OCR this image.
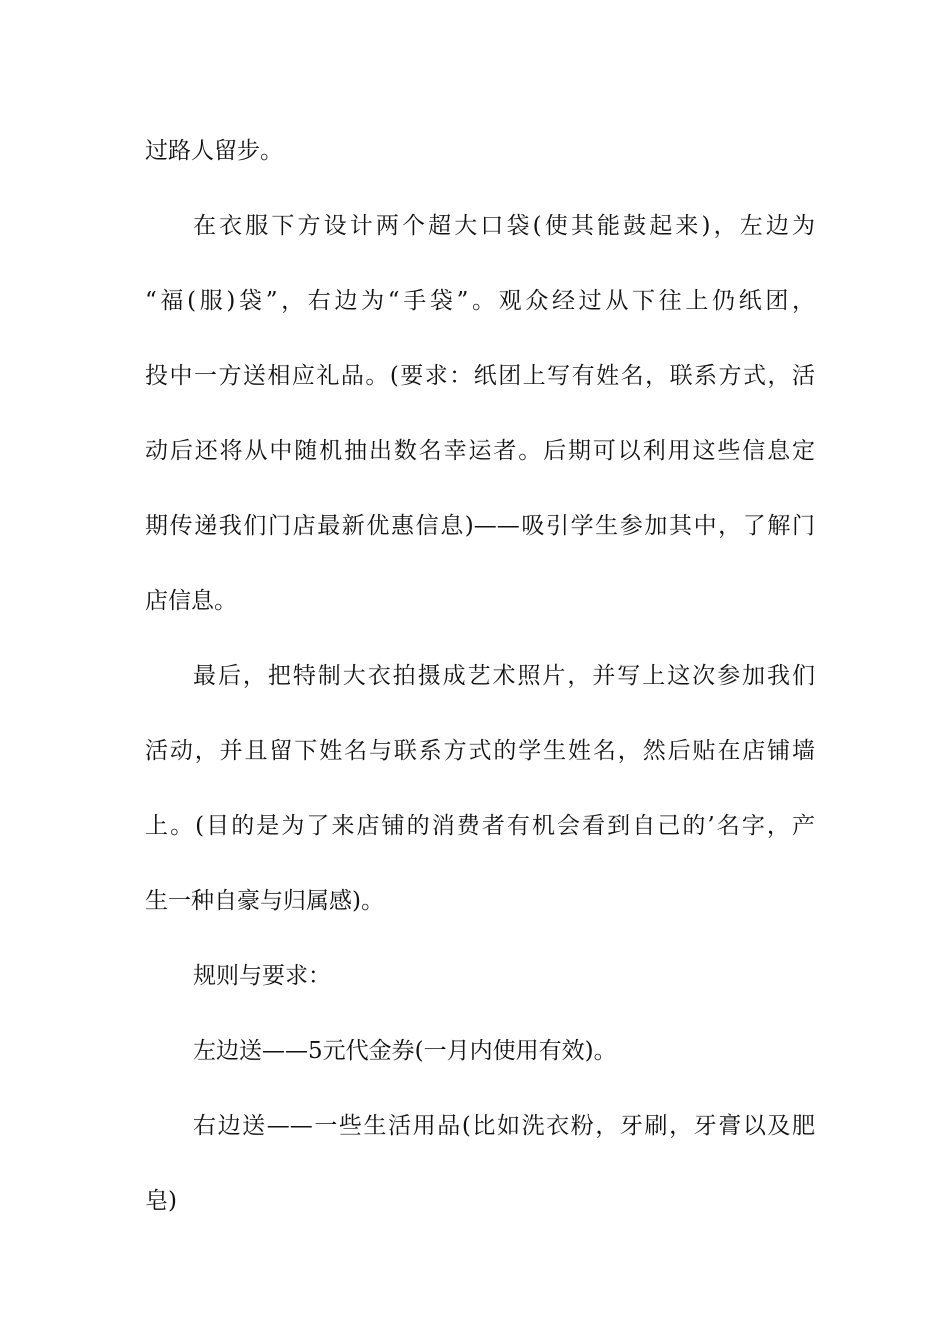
过路人留步。
在衣服下方设计两个超大口袋(使其能鼓起来)，左边为
“福(服)袋”，右边为“手袋”。观众经过从下往上仍纸团，
投中一方送相应礼品。(要求：纸团上写有姓名，联系方式，活
动后还将从中随机抽出数名幸运者。后期可以利用这些信息定
期传递我们门店最新优惠信息)——吸引学生参加其中，了解门
店信息。
最后，把特制大衣拍摄成艺术照片，并写上这次参加我们
活动，并且留下姓名与联系方式的学生姓名，然后贴在店铺墙
上。(目的是为了来店铺的消费者有机会看到自己的’名字，产
生一种自豪与归属感)。
规则与要求：
左边送——5元代金券(一月内使用有效)。
右边送——一些生活用品(比如洗衣粉，牙刷，牙膏以及肥
皂)
